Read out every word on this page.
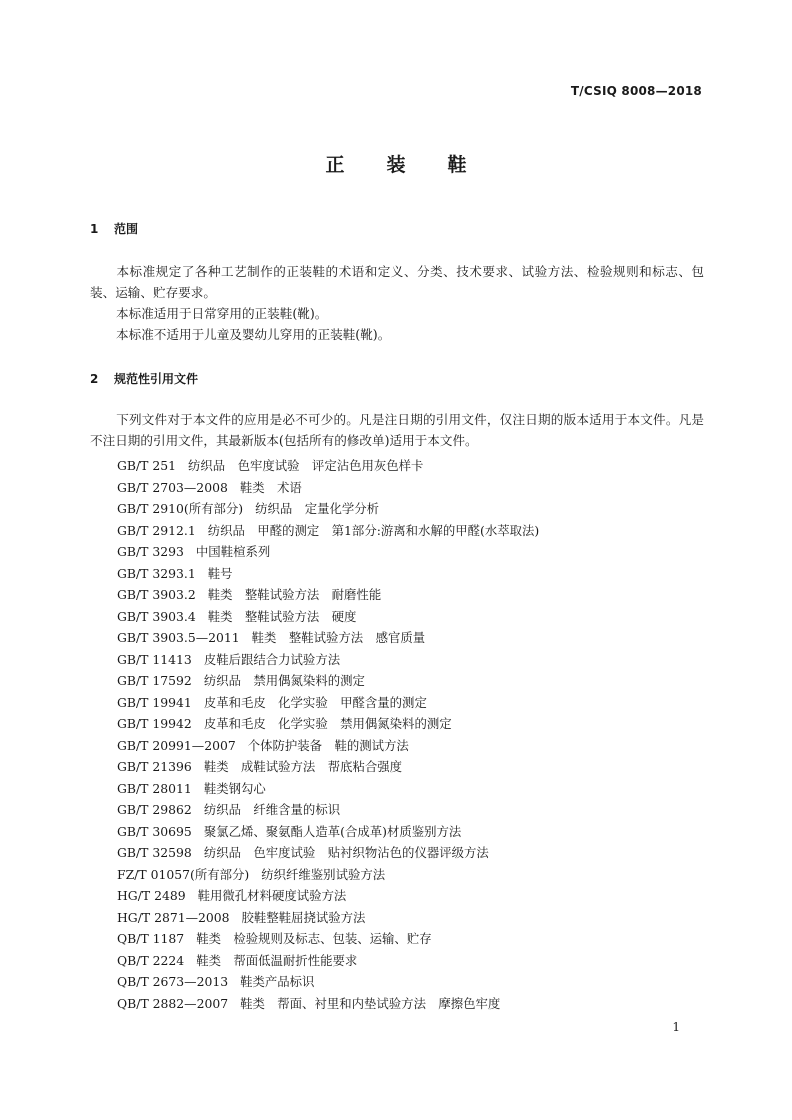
T/CSIQ 8008—2018
正装鞋
1 范围
本标准规定了各种工艺制作的正装鞋的术语和定义、分类、技术要求、试验方法、检验规则和标志、包装、运输、贮存要求。
本标准适用于日常穿用的正装鞋(靴)。
本标准不适用于儿童及婴幼儿穿用的正装鞋(靴)。
2 规范性引用文件
下列文件对于本文件的应用是必不可少的。凡是注日期的引用文件，仅注日期的版本适用于本文件。凡是不注日期的引用文件，其最新版本(包括所有的修改单)适用于本文件。
GB/T 251 纺织品　色牢度试验　评定沾色用灰色样卡
GB/T 2703—2008 鞋类　术语
GB/T 2910(所有部分) 纺织品　定量化学分析
GB/T 2912.1 纺织品　甲醛的测定　第1部分:游离和水解的甲醛(水萃取法)
GB/T 3293 中国鞋楦系列
GB/T 3293.1 鞋号
GB/T 3903.2 鞋类　整鞋试验方法　耐磨性能
GB/T 3903.4 鞋类　整鞋试验方法　硬度
GB/T 3903.5—2011 鞋类　整鞋试验方法　感官质量
GB/T 11413 皮鞋后跟结合力试验方法
GB/T 17592 纺织品　禁用偶氮染料的测定
GB/T 19941 皮革和毛皮　化学实验　甲醛含量的测定
GB/T 19942 皮革和毛皮　化学实验　禁用偶氮染料的测定
GB/T 20991—2007 个体防护装备　鞋的测试方法
GB/T 21396 鞋类　成鞋试验方法　帮底粘合强度
GB/T 28011 鞋类钢勾心
GB/T 29862 纺织品　纤维含量的标识
GB/T 30695 聚氯乙烯、聚氨酯人造革(合成革)材质鉴别方法
GB/T 32598 纺织品　色牢度试验　贴衬织物沾色的仪器评级方法
FZ/T 01057(所有部分) 纺织纤维鉴别试验方法
HG/T 2489 鞋用微孔材料硬度试验方法
HG/T 2871—2008 胶鞋整鞋屈挠试验方法
QB/T 1187 鞋类　检验规则及标志、包装、运输、贮存
QB/T 2224 鞋类　帮面低温耐折性能要求
QB/T 2673—2013 鞋类产品标识
QB/T 2882—2007 鞋类　帮面、衬里和内垫试验方法　摩擦色牢度
1
